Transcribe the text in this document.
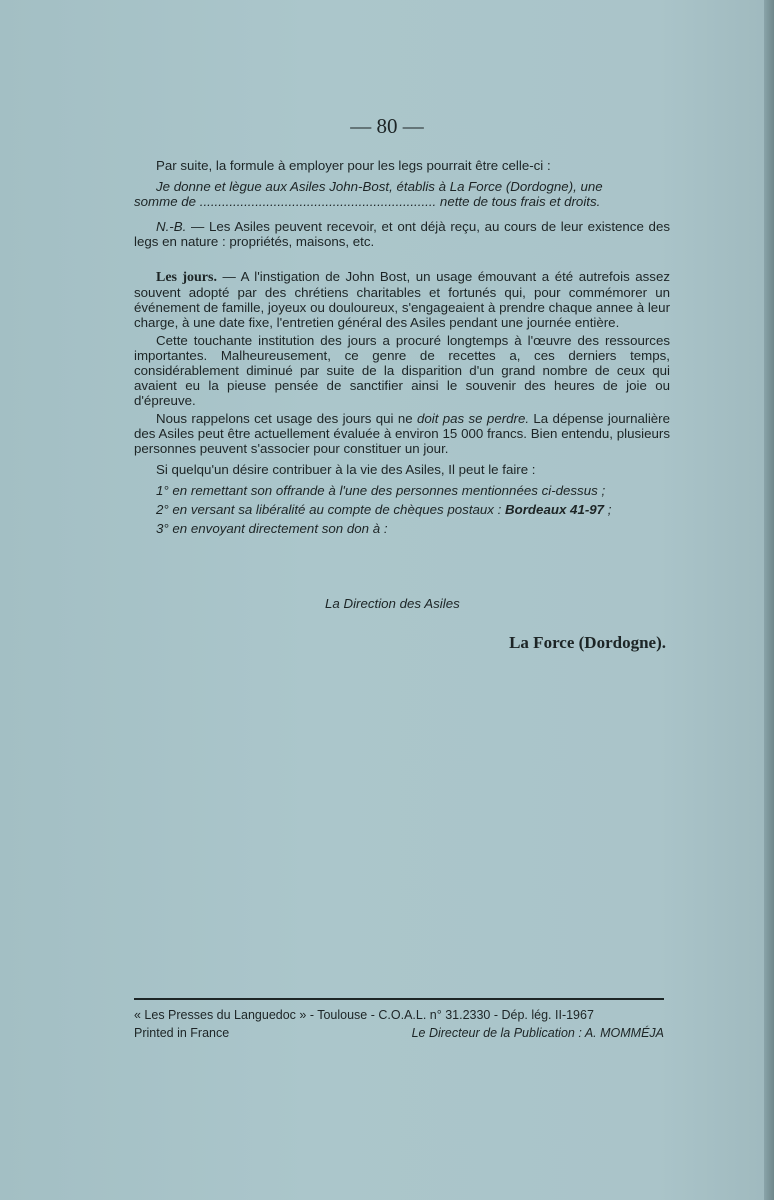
— 80 —

Par suite, la formule à employer pour les legs pourrait être celle-ci :

Je donne et lègue aux Asiles John-Bost, établis à La Force (Dordogne), une

somme de ................................................................ nette de tous frais et droits.

N.-B. — Les Asiles peuvent recevoir, et ont déjà reçu, au cours de leur existence des legs en nature : propriétés, maisons, etc.

Les jours. — A l'instigation de John Bost, un usage émouvant a été autrefois assez souvent adopté par des chrétiens charitables et fortunés qui, pour commémorer un événement de famille, joyeux ou douloureux, s'engageaient à prendre chaque annee à leur charge, à une date fixe, l'entretien général des Asiles pendant une journée entière.

Cette touchante institution des jours a procuré longtemps à l'œuvre des ressources importantes. Malheureusement, ce genre de recettes a, ces derniers temps, considérablement diminué par suite de la disparition d'un grand nombre de ceux qui avaient eu la pieuse pensée de sanctifier ainsi le souvenir des heures de joie ou d'épreuve.

Nous rappelons cet usage des jours qui ne doit pas se perdre. La dépense journalière des Asiles peut être actuellement évaluée à environ 15 000 francs. Bien entendu, plusieurs personnes peuvent s'associer pour constituer un jour.

Si quelqu'un désire contribuer à la vie des Asiles, Il peut le faire :

1° en remettant son offrande à l'une des personnes mentionnées ci-dessus ;

2° en versant sa libéralité au compte de chèques postaux : Bordeaux 41-97 ;

3° en envoyant directement son don à :

La Direction des Asiles
La Force (Dordogne).
« Les Presses du Languedoc » - Toulouse - C.O.A.L. n° 31.2330 - Dép. lég. II-1967
Printed in France	Le Directeur de la Publication : A. MOMMÉJA
